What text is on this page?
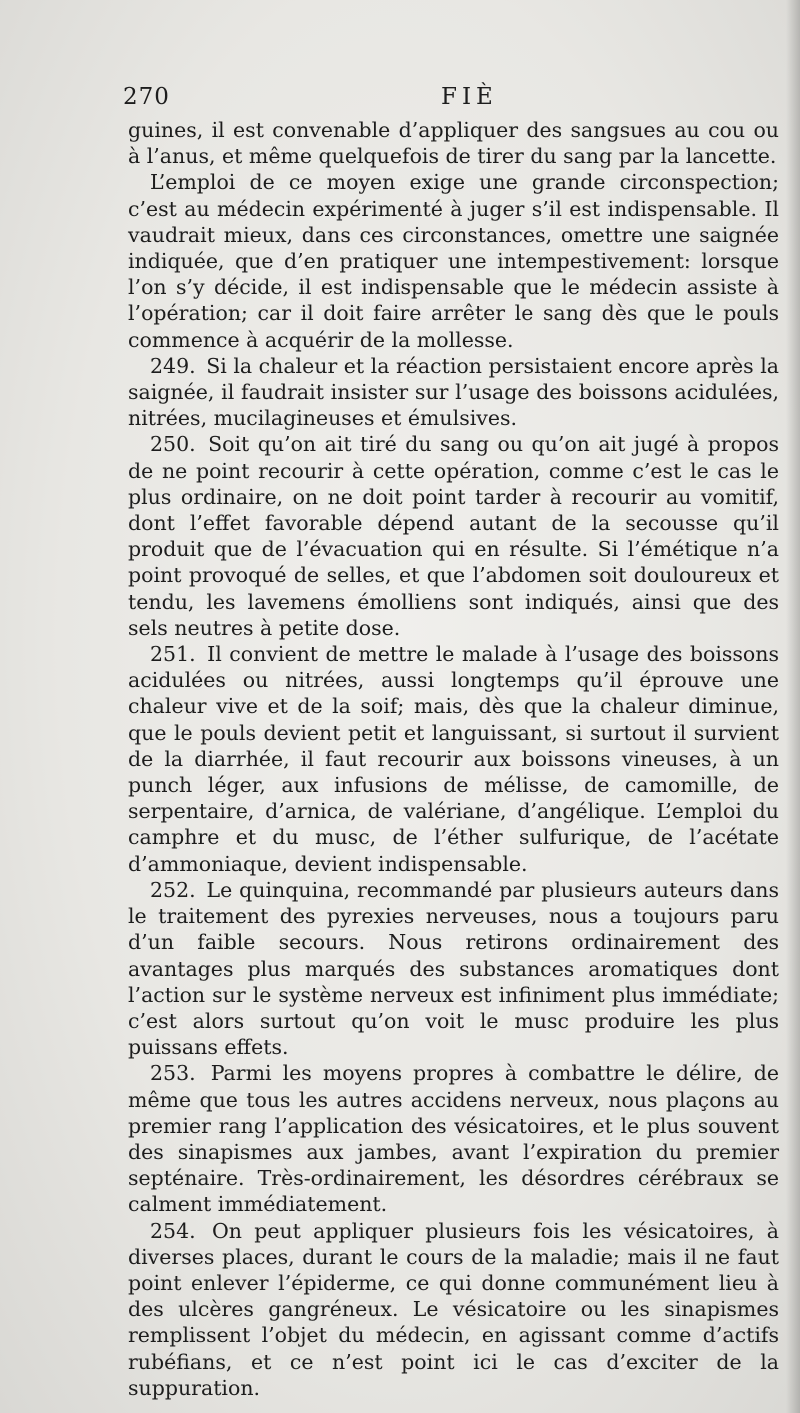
270	FIÈ

guines, il est convenable d’appliquer des sangsues au cou ou à l’anus, et même quelquefois de tirer du sang par la lancette.

L’emploi de ce moyen exige une grande circonspection; c’est au médecin expérimenté à juger s’il est indispensable. Il vaudrait mieux, dans ces circonstances, omettre une saignée indiquée, que d’en pratiquer une intempestivement: lorsque l’on s’y décide, il est indispensable que le médecin assiste à l’opération; car il doit faire arrêter le sang dès que le pouls commence à acquérir de la mollesse.

249. Si la chaleur et la réaction persistaient encore après la saignée, il faudrait insister sur l’usage des boissons acidulées, nitrées, mucilagineuses et émulsives.

250. Soit qu’on ait tiré du sang ou qu’on ait jugé à propos de ne point recourir à cette opération, comme c’est le cas le plus ordinaire, on ne doit point tarder à recourir au vomitif, dont l’effet favorable dépend autant de la secousse qu’il produit que de l’évacuation qui en résulte. Si l’émétique n’a point provoqué de selles, et que l’abdomen soit douloureux et tendu, les lavemens émolliens sont indiqués, ainsi que des sels neutres à petite dose.

251. Il convient de mettre le malade à l’usage des boissons acidulées ou nitrées, aussi longtemps qu’il éprouve une chaleur vive et de la soif; mais, dès que la chaleur diminue, que le pouls devient petit et languissant, si surtout il survient de la diarrhée, il faut recourir aux boissons vineuses, à un punch léger, aux infusions de mélisse, de camomille, de serpentaire, d’arnica, de valériane, d’angélique. L’emploi du camphre et du musc, de l’éther sulfurique, de l’acétate d’ammoniaque, devient indispensable.

252. Le quinquina, recommandé par plusieurs auteurs dans le traitement des pyrexies nerveuses, nous a toujours paru d’un faible secours. Nous retirons ordinairement des avantages plus marqués des substances aromatiques dont l’action sur le système nerveux est infiniment plus immédiate; c’est alors surtout qu’on voit le musc produire les plus puissans effets.

253. Parmi les moyens propres à combattre le délire, de même que tous les autres accidens nerveux, nous plaçons au premier rang l’application des vésicatoires, et le plus souvent des sinapismes aux jambes, avant l’expiration du premier septénaire. Très-ordinairement, les désordres cérébraux se calment immédiatement.

254. On peut appliquer plusieurs fois les vésicatoires, à diverses places, durant le cours de la maladie; mais il ne faut point enlever l’épiderme, ce qui donne communément lieu à des ulcères gangréneux. Le vésicatoire ou les sinapismes remplissent l’objet du médecin, en agissant comme d’actifs rubéfians, et ce n’est point ici le cas d’exciter de la suppuration.
